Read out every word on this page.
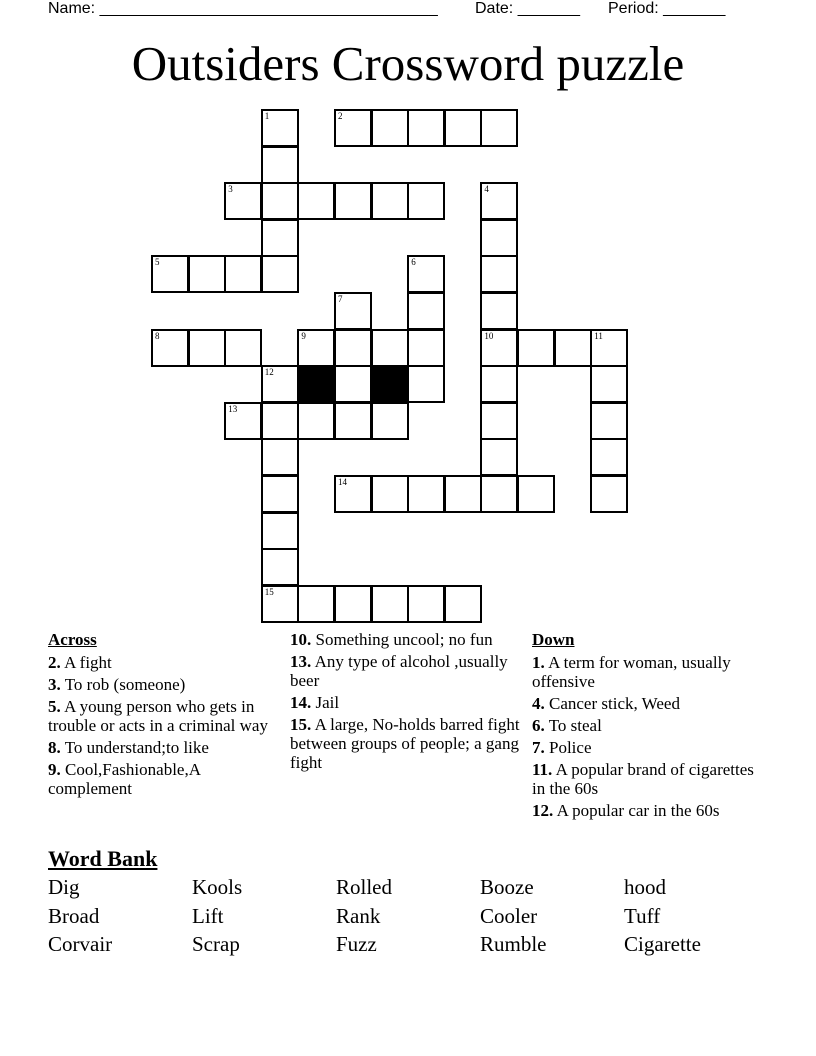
Name: ______________________________________ Date: _______ Period: _______
Outsiders Crossword puzzle
1	2
3	4
5	6
7
8	9	10	11
12
13
14
15
Across
2. A fight
3. To rob (someone)
5. A young person who gets in trouble or acts in a criminal way
8. To understand;to like
9. Cool,Fashionable,A complement
10. Something uncool; no fun
13. Any type of alcohol ,usually beer
14. Jail
15. A large, No-holds barred fight between groups of people; a gang fight
Down
1. A term for woman, usually offensive
4. Cancer stick, Weed
6. To steal
7. Police
11. A popular brand of cigarettes in the 60s
12. A popular car in the 60s
Word Bank
Dig	Kools	Rolled	Booze	hood
Broad	Lift	Rank	Cooler	Tuff
Corvair	Scrap	Fuzz	Rumble	Cigarette
